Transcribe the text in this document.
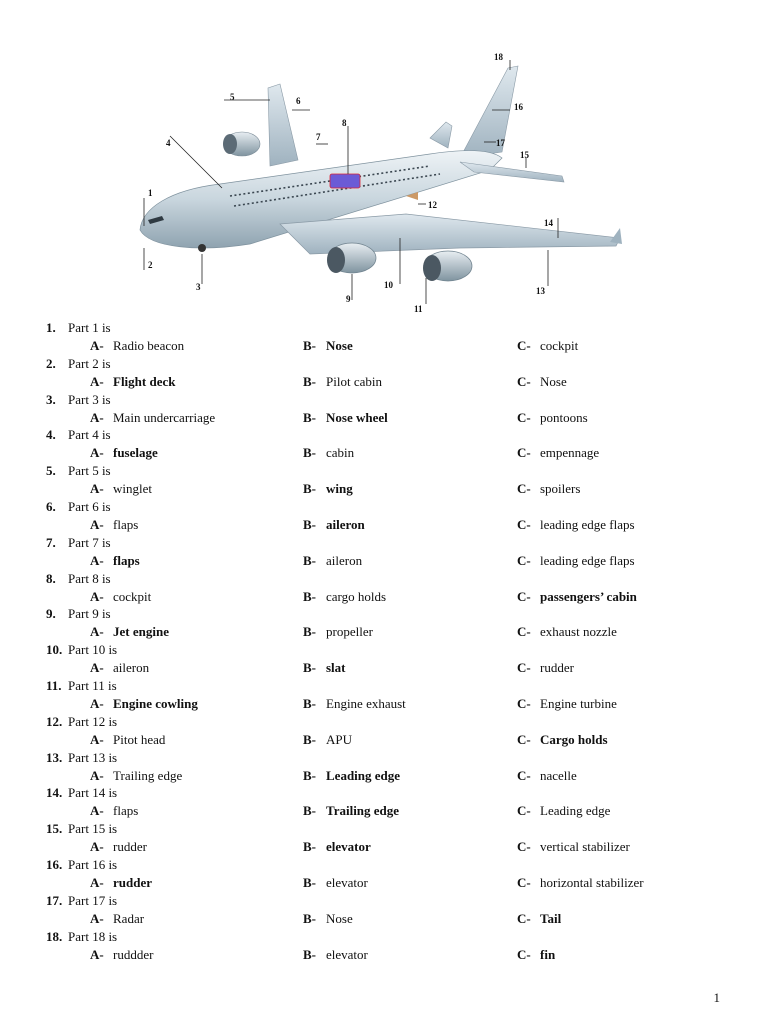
1
2
3
4
5	6
7
8
9
10
11
12
13
14
15
16
17
18
1. Part 1 is
A- Radio beacon	B- Nose	C- cockpit
2. Part 2 is
A- Flight deck	B- Pilot cabin	C- Nose
3. Part 3 is
A- Main undercarriage	B- Nose wheel	C- pontoons
4. Part 4 is
A- fuselage	B- cabin	C- empennage
5. Part 5 is
A- winglet	B- wing	C- spoilers
6. Part 6 is
A- flaps	B- aileron	C- leading edge flaps
7. Part 7 is
A- flaps	B- aileron	C- leading edge flaps
8. Part 8 is
A- cockpit	B- cargo holds	C- passengers’ cabin
9. Part 9 is
A- Jet engine	B- propeller	C- exhaust nozzle
10. Part 10 is
A- aileron	B- slat	C- rudder
11. Part 11 is
A- Engine cowling	B- Engine exhaust	C- Engine turbine
12. Part 12 is
A- Pitot head	B- APU	C- Cargo holds
13. Part 13 is
A- Trailing edge	B- Leading edge	C- nacelle
14. Part 14 is
A- flaps	B- Trailing edge	C- Leading edge
15. Part 15 is
A- rudder	B- elevator	C- vertical stabilizer
16. Part 16 is
A- rudder	B- elevator	C- horizontal stabilizer
17. Part 17 is
A- Radar	B- Nose	C- Tail
18. Part 18 is
A- ruddder	B- elevator	C- fin
1
